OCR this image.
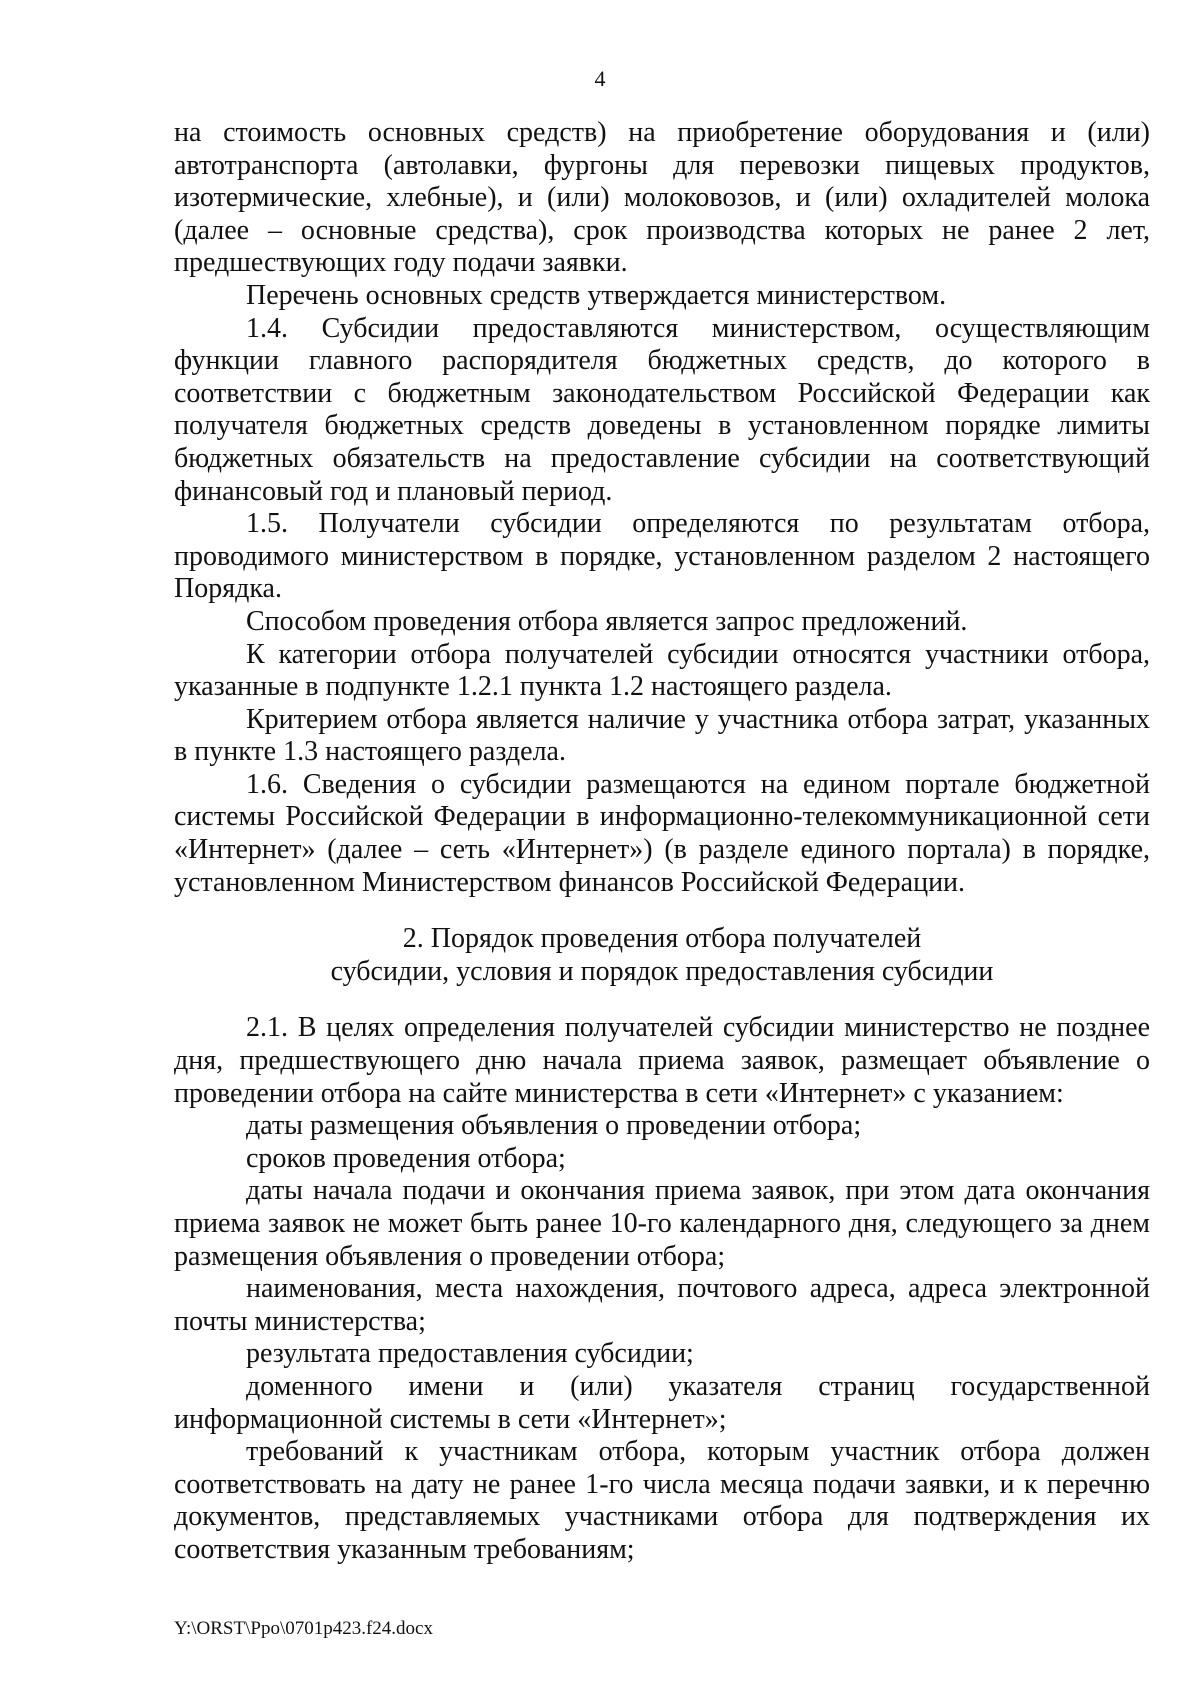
4

на стоимость основных средств) на приобретение оборудования и (или) автотранспорта (автолавки, фургоны для перевозки пищевых продуктов, изотермические, хлебные), и (или) молоковозов, и (или) охладителей молока (далее – основные средства), срок производства которых не ранее 2 лет, предшествующих году подачи заявки.

Перечень основных средств утверждается министерством.

1.4. Субсидии предоставляются министерством, осуществляющим функции главного распорядителя бюджетных средств, до которого в соответствии с бюджетным законодательством Российской Федерации как получателя бюджетных средств доведены в установленном порядке лимиты бюджетных обязательств на предоставление субсидии на соответствующий финансовый год и плановый период.

1.5. Получатели субсидии определяются по результатам отбора, проводимого министерством в порядке, установленном разделом 2 настоящего Порядка.

Способом проведения отбора является запрос предложений.

К категории отбора получателей субсидии относятся участники отбора, указанные в подпункте 1.2.1 пункта 1.2 настоящего раздела.

Критерием отбора является наличие у участника отбора затрат, указанных в пункте 1.3 настоящего раздела.

1.6. Сведения о субсидии размещаются на едином портале бюджетной системы Российской Федерации в информационно-телекоммуникационной сети «Интернет» (далее – сеть «Интернет») (в разделе единого портала) в порядке, установленном Министерством финансов Российской Федерации.

2. Порядок проведения отбора получателей
субсидии, условия и порядок предоставления субсидии

2.1. В целях определения получателей субсидии министерство не позднее дня, предшествующего дню начала приема заявок, размещает объявление о проведении отбора на сайте министерства в сети «Интернет» с указанием:

даты размещения объявления о проведении отбора;

сроков проведения отбора;

даты начала подачи и окончания приема заявок, при этом дата окончания приема заявок не может быть ранее 10-го календарного дня, следующего за днем размещения объявления о проведении отбора;

наименования, места нахождения, почтового адреса, адреса электронной почты министерства;

результата предоставления субсидии;

доменного имени и (или) указателя страниц государственной информационной системы в сети «Интернет»;

требований к участникам отбора, которым участник отбора должен соответствовать на дату не ранее 1-го числа месяца подачи заявки, и к перечню документов, представляемых участниками отбора для подтверждения их соответствия указанным требованиям;

Y:\ORST\Ppo\0701p423.f24.docx
